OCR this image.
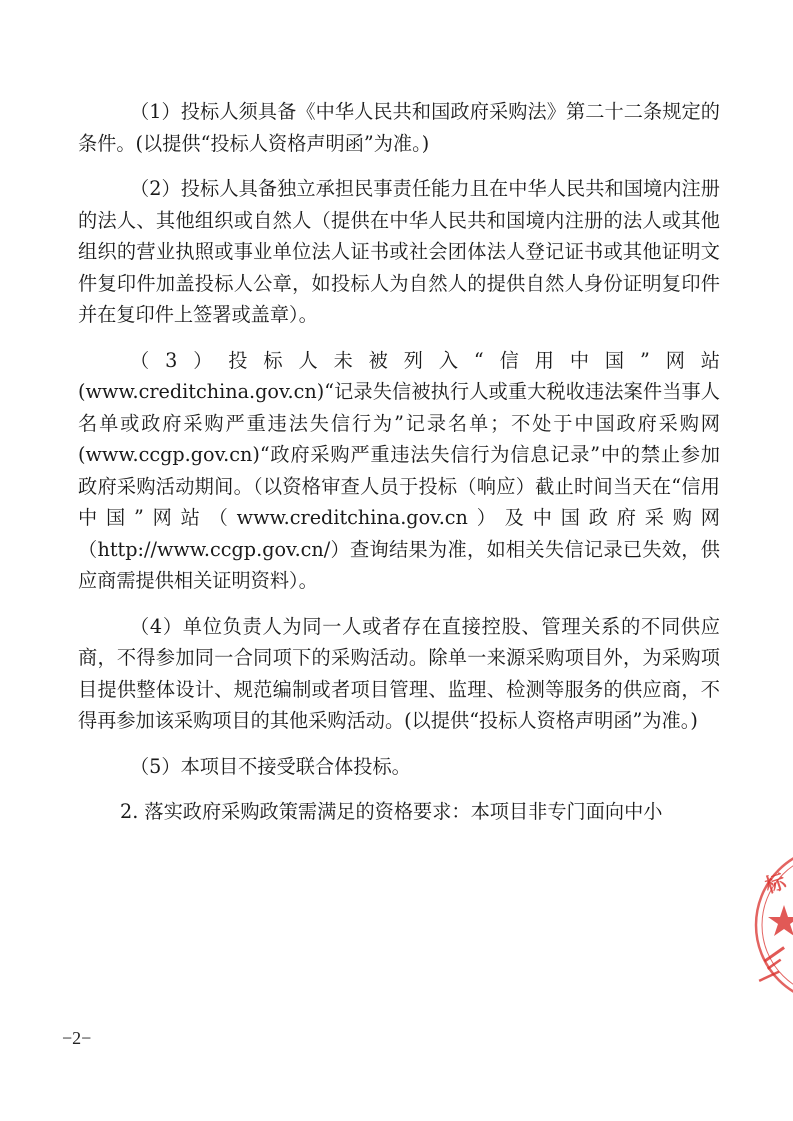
（1）投标人须具备《中华人民共和国政府采购法》第二十二条规定的条件。(以提供“投标人资格声明函”为准。)

（2）投标人具备独立承担民事责任能力且在中华人民共和国境内注册的法人、其他组织或自然人（提供在中华人民共和国境内注册的法人或其他组织的营业执照或事业单位法人证书或社会团体法人登记证书或其他证明文件复印件加盖投标人公章，如投标人为自然人的提供自然人身份证明复印件并在复印件上签署或盖章）。

（3）投标人未被列入“信用中国”网站(www.creditchina.gov.cn)“记录失信被执行人或重大税收违法案件当事人名单或政府采购严重违法失信行为”记录名单；不处于中国政府采购网(www.ccgp.gov.cn)“政府采购严重违法失信行为信息记录”中的禁止参加政府采购活动期间。（以资格审查人员于投标（响应）截止时间当天在“信用中国”网站（www.creditchina.gov.cn）及中国政府采购网（http://www.ccgp.gov.cn/）查询结果为准，如相关失信记录已失效，供应商需提供相关证明资料）。

（4）单位负责人为同一人或者存在直接控股、管理关系的不同供应商，不得参加同一合同项下的采购活动。除单一来源采购项目外，为采购项目提供整体设计、规范编制或者项目管理、监理、检测等服务的供应商，不得再参加该采购项目的其他采购活动。(以提供“投标人资格声明函”为准。)

（5）本项目不接受联合体投标。

2. 落实政府采购政策需满足的资格要求：本项目非专门面向中小

−2−
标
